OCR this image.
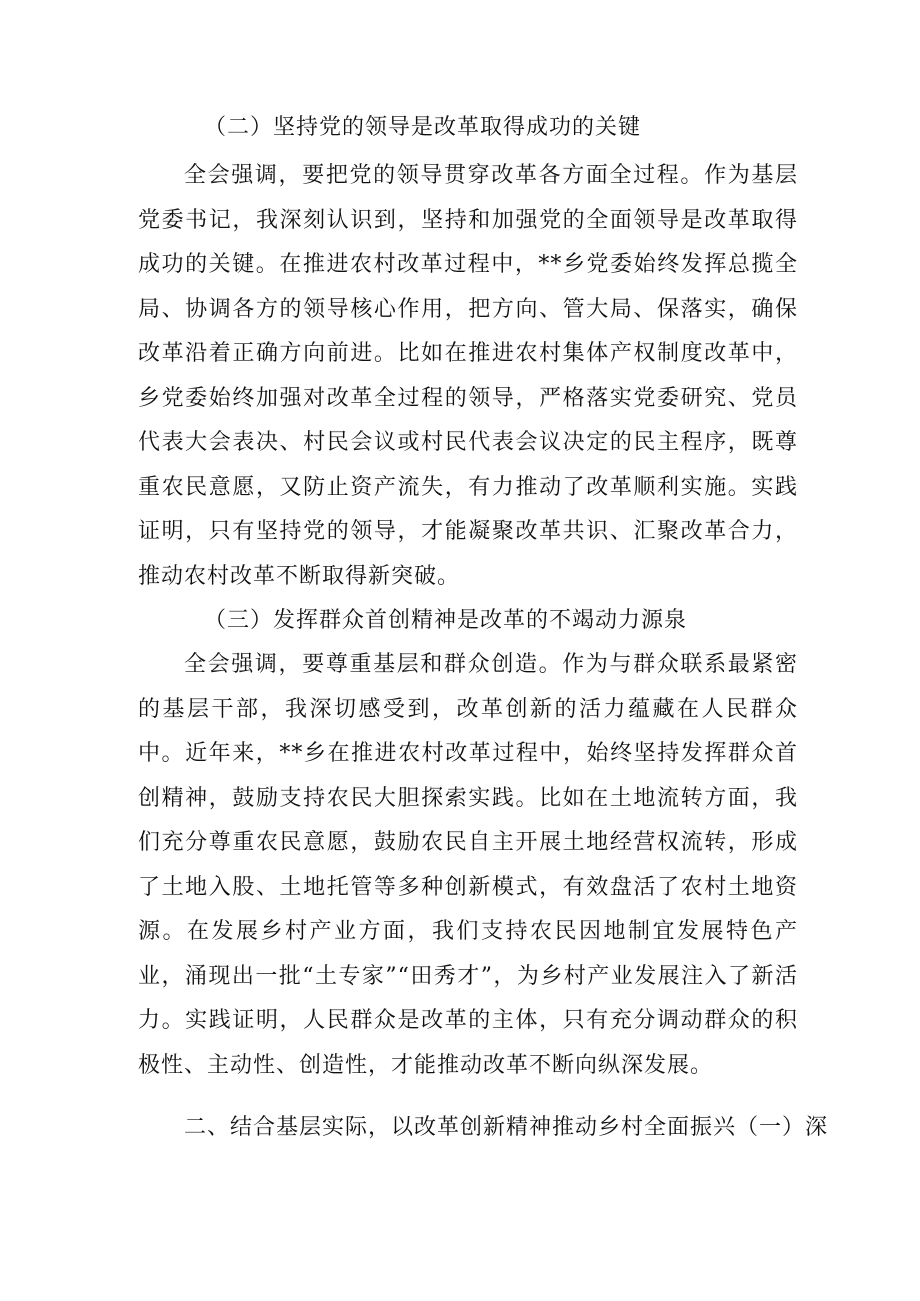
（二）坚持党的领导是改革取得成功的关键

全会强调，要把党的领导贯穿改革各方面全过程。作为基层党委书记，我深刻认识到，坚持和加强党的全面领导是改革取得成功的关键。在推进农村改革过程中，**乡党委始终发挥总揽全局、协调各方的领导核心作用，把方向、管大局、保落实，确保改革沿着正确方向前进。比如在推进农村集体产权制度改革中，乡党委始终加强对改革全过程的领导，严格落实党委研究、党员代表大会表决、村民会议或村民代表会议决定的民主程序，既尊重农民意愿，又防止资产流失，有力推动了改革顺利实施。实践证明，只有坚持党的领导，才能凝聚改革共识、汇聚改革合力，推动农村改革不断取得新突破。

（三）发挥群众首创精神是改革的不竭动力源泉

全会强调，要尊重基层和群众创造。作为与群众联系最紧密的基层干部，我深切感受到，改革创新的活力蕴藏在人民群众中。近年来，**乡在推进农村改革过程中，始终坚持发挥群众首创精神，鼓励支持农民大胆探索实践。比如在土地流转方面，我们充分尊重农民意愿，鼓励农民自主开展土地经营权流转，形成了土地入股、土地托管等多种创新模式，有效盘活了农村土地资源。在发展乡村产业方面，我们支持农民因地制宜发展特色产业，涌现出一批“土专家”“田秀才”，为乡村产业发展注入了新活力。实践证明，人民群众是改革的主体，只有充分调动群众的积极性、主动性、创造性，才能推动改革不断向纵深发展。

二、结合基层实际，以改革创新精神推动乡村全面振兴（一）深
